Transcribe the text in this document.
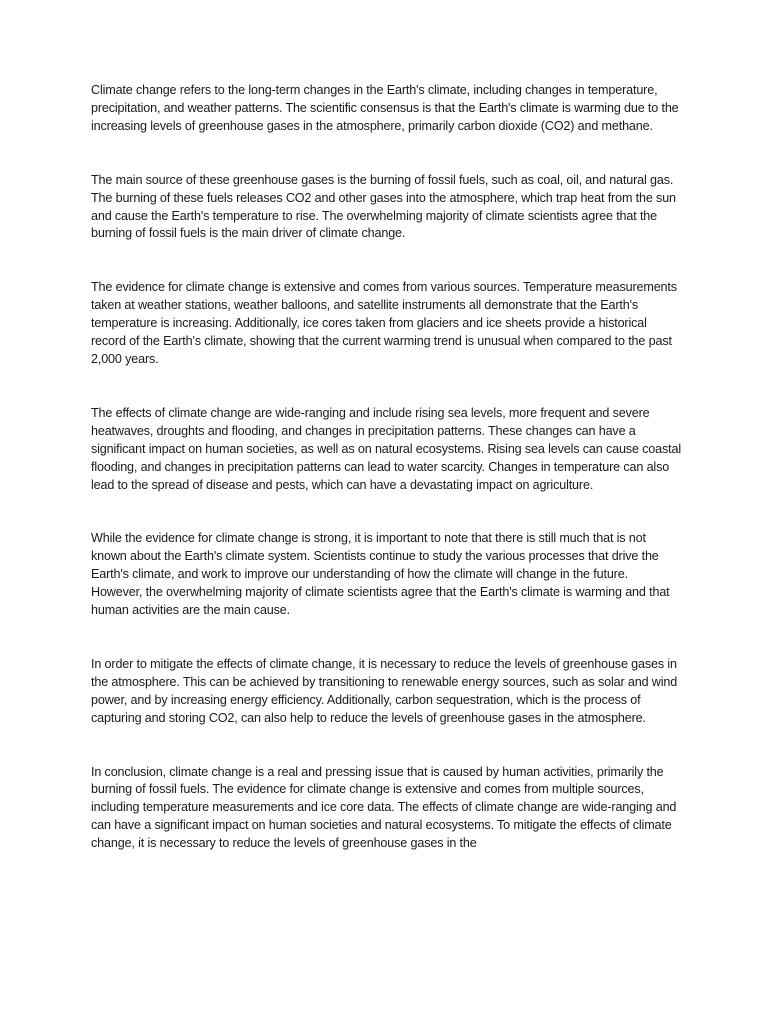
Climate change refers to the long-term changes in the Earth's climate, including changes in temperature, precipitation, and weather patterns. The scientific consensus is that the Earth's climate is warming due to the increasing levels of greenhouse gases in the atmosphere, primarily carbon dioxide (CO2) and methane.

The main source of these greenhouse gases is the burning of fossil fuels, such as coal, oil, and natural gas. The burning of these fuels releases CO2 and other gases into the atmosphere, which trap heat from the sun and cause the Earth's temperature to rise. The overwhelming majority of climate scientists agree that the burning of fossil fuels is the main driver of climate change.

The evidence for climate change is extensive and comes from various sources. Temperature measurements taken at weather stations, weather balloons, and satellite instruments all demonstrate that the Earth's temperature is increasing. Additionally, ice cores taken from glaciers and ice sheets provide a historical record of the Earth's climate, showing that the current warming trend is unusual when compared to the past 2,000 years.

The effects of climate change are wide-ranging and include rising sea levels, more frequent and severe heatwaves, droughts and flooding, and changes in precipitation patterns. These changes can have a significant impact on human societies, as well as on natural ecosystems. Rising sea levels can cause coastal flooding, and changes in precipitation patterns can lead to water scarcity. Changes in temperature can also lead to the spread of disease and pests, which can have a devastating impact on agriculture.

While the evidence for climate change is strong, it is important to note that there is still much that is not known about the Earth's climate system. Scientists continue to study the various processes that drive the Earth's climate, and work to improve our understanding of how the climate will change in the future. However, the overwhelming majority of climate scientists agree that the Earth's climate is warming and that human activities are the main cause.

In order to mitigate the effects of climate change, it is necessary to reduce the levels of greenhouse gases in the atmosphere. This can be achieved by transitioning to renewable energy sources, such as solar and wind power, and by increasing energy efficiency. Additionally, carbon sequestration, which is the process of capturing and storing CO2, can also help to reduce the levels of greenhouse gases in the atmosphere.

In conclusion, climate change is a real and pressing issue that is caused by human activities, primarily the burning of fossil fuels. The evidence for climate change is extensive and comes from multiple sources, including temperature measurements and ice core data. The effects of climate change are wide-ranging and can have a significant impact on human societies and natural ecosystems. To mitigate the effects of climate change, it is necessary to reduce the levels of greenhouse gases in the
